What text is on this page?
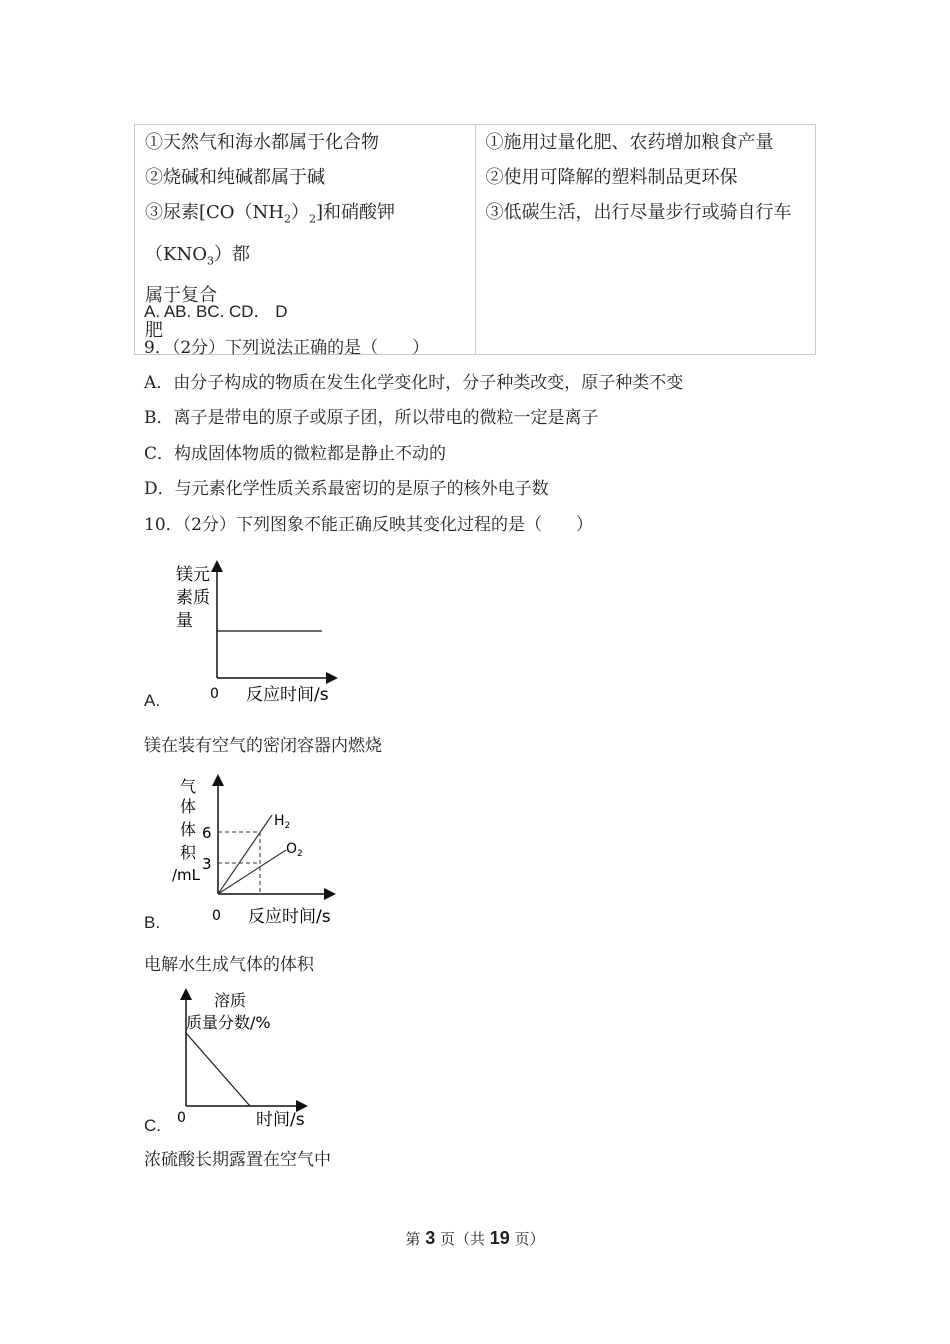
①天然气和海水都属于化合物
②烧碱和纯碱都属于碱
③尿素$[CO(NH_2)_2]$和硝酸钾$(KNO_3)$都
属于复合
肥

①施用过量化肥、农药增加粮食产量
②使用可降解的塑料制品更环保
③低碳生活，出行尽量步行或骑自行车
A. AB. BC. CD． D
9．（2分）下列说法正确的是（　　）
A．由分子构成的物质在发生化学变化时，分子种类改变，原子种类不变
B．离子是带电的原子或原子团，所以带电的微粒一定是离子
C．构成固体物质的微粒都是静止不动的
D．与元素化学性质关系最密切的是原子的核外电子数
10．（2分）下列图象不能正确反映其变化过程的是（　　）
镁元
素质
量
0 反应时间/s
A.
镁在装有空气的密闭容器内燃烧
气
体
体
积
/mL
6
3
$H_2$
$O_2$
0 反应时间/s
B.
电解水生成气体的体积
溶质
质量分数/%
0	时间/s
C.
浓硫酸长期露置在空气中
第 3 页（共 19 页）
